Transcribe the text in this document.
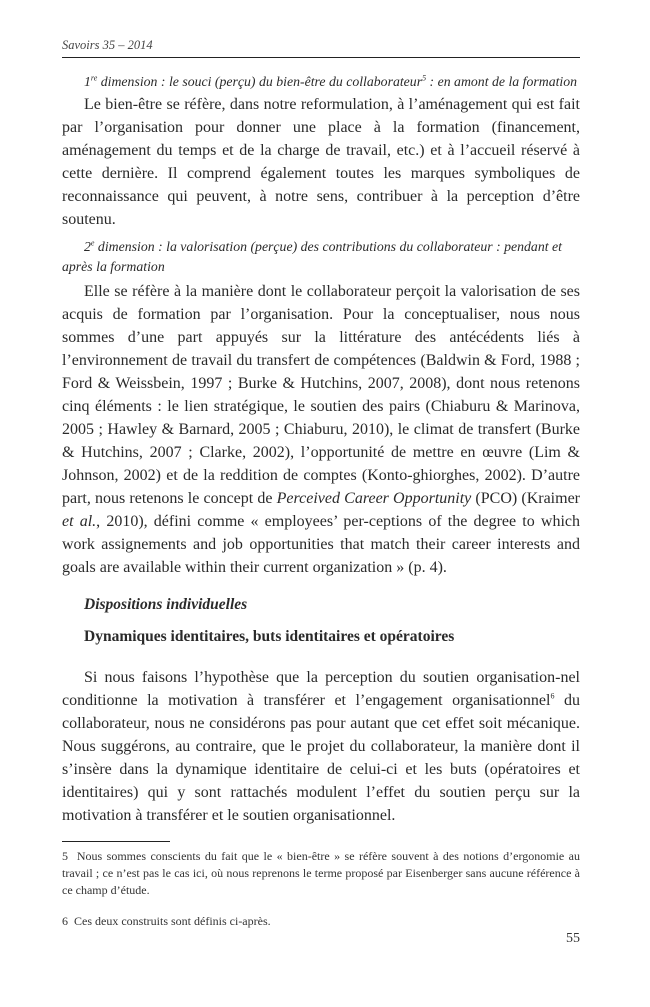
Savoirs 35 – 2014

1re dimension : le souci (perçu) du bien-être du collaborateur$^5$ : en amont de la formation

Le bien-être se réfère, dans notre reformulation, à l’aménagement qui est fait par l’organisation pour donner une place à la formation (financement, aménagement du temps et de la charge de travail, etc.) et à l’accueil réservé à cette dernière. Il comprend également toutes les marques symboliques de reconnaissance qui peuvent, à notre sens, contribuer à la perception d’être soutenu.

2e dimension : la valorisation (perçue) des contributions du collaborateur : pendant et après la formation

Elle se réfère à la manière dont le collaborateur perçoit la valorisation de ses acquis de formation par l’organisation. Pour la conceptualiser, nous nous sommes d’une part appuyés sur la littérature des antécédents liés à l’environnement de travail du transfert de compétences (Baldwin & Ford, 1988 ; Ford & Weissbein, 1997 ; Burke & Hutchins, 2007, 2008), dont nous retenons cinq éléments : le lien stratégique, le soutien des pairs (Chiaburu & Marinova, 2005 ; Hawley & Barnard, 2005 ; Chiaburu, 2010), le climat de transfert (Burke & Hutchins, 2007 ; Clarke, 2002), l’opportunité de mettre en œuvre (Lim & Johnson, 2002) et de la reddition de comptes (Konto-ghiorghes, 2002). D’autre part, nous retenons le concept de Perceived Career Opportunity (PCO) (Kraimer et al., 2010), défini comme « employees’ per-ceptions of the degree to which work assignements and job opportunities that match their career interests and goals are available within their current organization » (p. 4).

Dispositions individuelles
Dynamiques identitaires, buts identitaires et opératoires

Si nous faisons l’hypothèse que la perception du soutien organisation-nel conditionne la motivation à transférer et l’engagement organisationnel$^6$ du collaborateur, nous ne considérons pas pour autant que cet effet soit mécanique. Nous suggérons, au contraire, que le projet du collaborateur, la manière dont il s’insère dans la dynamique identitaire de celui-ci et les buts (opératoires et identitaires) qui y sont rattachés modulent l’effet du soutien perçu sur la motivation à transférer et le soutien organisationnel.

5 Nous sommes conscients du fait que le « bien-être » se réfère souvent à des notions d’ergonomie au travail ; ce n’est pas le cas ici, où nous reprenons le terme proposé par Eisenberger sans aucune référence à ce champ d’étude.

6 Ces deux construits sont définis ci-après.

55
